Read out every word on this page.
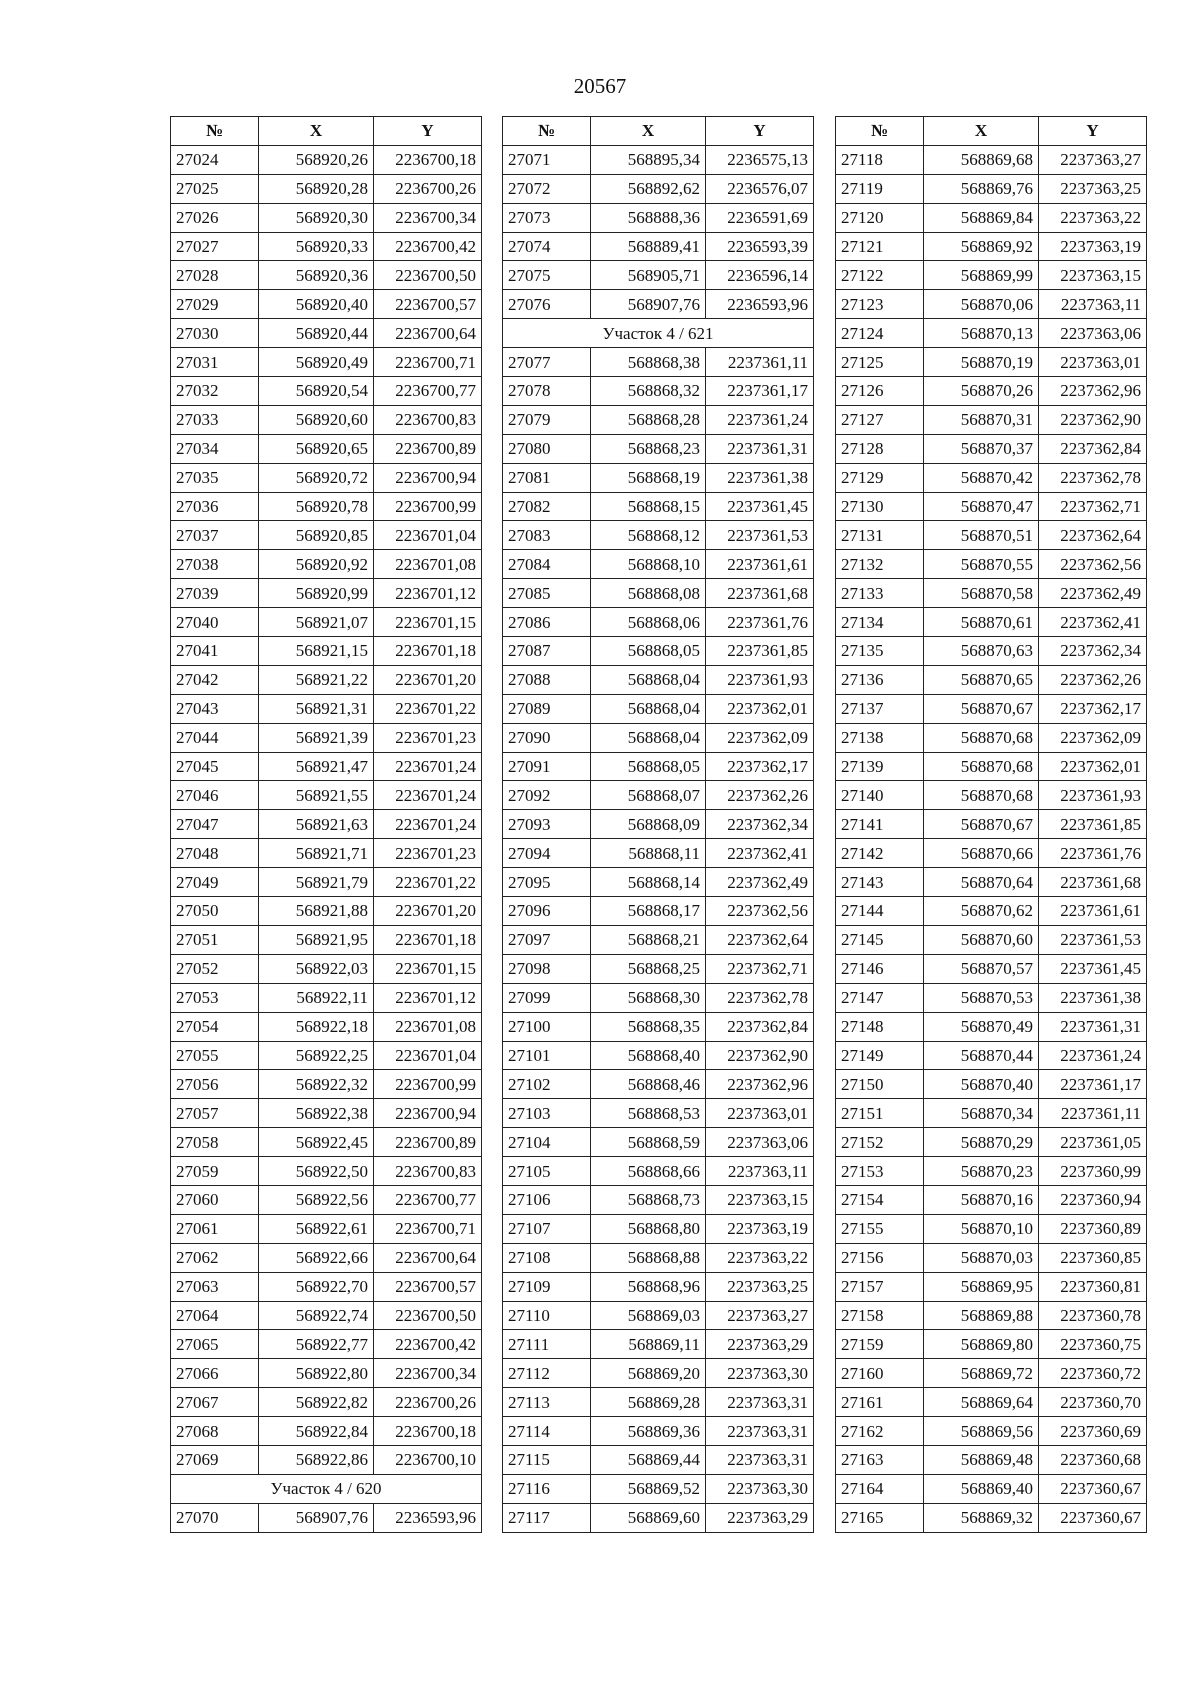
20567
№	X	Y
27024	568920,26	2236700,18
27025	568920,28	2236700,26
27026	568920,30	2236700,34
27027	568920,33	2236700,42
27028	568920,36	2236700,50
27029	568920,40	2236700,57
27030	568920,44	2236700,64
27031	568920,49	2236700,71
27032	568920,54	2236700,77
27033	568920,60	2236700,83
27034	568920,65	2236700,89
27035	568920,72	2236700,94
27036	568920,78	2236700,99
27037	568920,85	2236701,04
27038	568920,92	2236701,08
27039	568920,99	2236701,12
27040	568921,07	2236701,15
27041	568921,15	2236701,18
27042	568921,22	2236701,20
27043	568921,31	2236701,22
27044	568921,39	2236701,23
27045	568921,47	2236701,24
27046	568921,55	2236701,24
27047	568921,63	2236701,24
27048	568921,71	2236701,23
27049	568921,79	2236701,22
27050	568921,88	2236701,20
27051	568921,95	2236701,18
27052	568922,03	2236701,15
27053	568922,11	2236701,12
27054	568922,18	2236701,08
27055	568922,25	2236701,04
27056	568922,32	2236700,99
27057	568922,38	2236700,94
27058	568922,45	2236700,89
27059	568922,50	2236700,83
27060	568922,56	2236700,77
27061	568922,61	2236700,71
27062	568922,66	2236700,64
27063	568922,70	2236700,57
27064	568922,74	2236700,50
27065	568922,77	2236700,42
27066	568922,80	2236700,34
27067	568922,82	2236700,26
27068	568922,84	2236700,18
27069	568922,86	2236700,10
Участок 4 / 620		
27070	568907,76	2236593,96
№	X	Y
27071	568895,34	2236575,13
27072	568892,62	2236576,07
27073	568888,36	2236591,69
27074	568889,41	2236593,39
27075	568905,71	2236596,14
27076	568907,76	2236593,96
Участок 4 / 621		
27077	568868,38	2237361,11
27078	568868,32	2237361,17
27079	568868,28	2237361,24
27080	568868,23	2237361,31
27081	568868,19	2237361,38
27082	568868,15	2237361,45
27083	568868,12	2237361,53
27084	568868,10	2237361,61
27085	568868,08	2237361,68
27086	568868,06	2237361,76
27087	568868,05	2237361,85
27088	568868,04	2237361,93
27089	568868,04	2237362,01
27090	568868,04	2237362,09
27091	568868,05	2237362,17
27092	568868,07	2237362,26
27093	568868,09	2237362,34
27094	568868,11	2237362,41
27095	568868,14	2237362,49
27096	568868,17	2237362,56
27097	568868,21	2237362,64
27098	568868,25	2237362,71
27099	568868,30	2237362,78
27100	568868,35	2237362,84
27101	568868,40	2237362,90
27102	568868,46	2237362,96
27103	568868,53	2237363,01
27104	568868,59	2237363,06
27105	568868,66	2237363,11
27106	568868,73	2237363,15
27107	568868,80	2237363,19
27108	568868,88	2237363,22
27109	568868,96	2237363,25
27110	568869,03	2237363,27
27111	568869,11	2237363,29
27112	568869,20	2237363,30
27113	568869,28	2237363,31
27114	568869,36	2237363,31
27115	568869,44	2237363,31
27116	568869,52	2237363,30
27117	568869,60	2237363,29
№	X	Y
27118	568869,68	2237363,27
27119	568869,76	2237363,25
27120	568869,84	2237363,22
27121	568869,92	2237363,19
27122	568869,99	2237363,15
27123	568870,06	2237363,11
27124	568870,13	2237363,06
27125	568870,19	2237363,01
27126	568870,26	2237362,96
27127	568870,31	2237362,90
27128	568870,37	2237362,84
27129	568870,42	2237362,78
27130	568870,47	2237362,71
27131	568870,51	2237362,64
27132	568870,55	2237362,56
27133	568870,58	2237362,49
27134	568870,61	2237362,41
27135	568870,63	2237362,34
27136	568870,65	2237362,26
27137	568870,67	2237362,17
27138	568870,68	2237362,09
27139	568870,68	2237362,01
27140	568870,68	2237361,93
27141	568870,67	2237361,85
27142	568870,66	2237361,76
27143	568870,64	2237361,68
27144	568870,62	2237361,61
27145	568870,60	2237361,53
27146	568870,57	2237361,45
27147	568870,53	2237361,38
27148	568870,49	2237361,31
27149	568870,44	2237361,24
27150	568870,40	2237361,17
27151	568870,34	2237361,11
27152	568870,29	2237361,05
27153	568870,23	2237360,99
27154	568870,16	2237360,94
27155	568870,10	2237360,89
27156	568870,03	2237360,85
27157	568869,95	2237360,81
27158	568869,88	2237360,78
27159	568869,80	2237360,75
27160	568869,72	2237360,72
27161	568869,64	2237360,70
27162	568869,56	2237360,69
27163	568869,48	2237360,68
27164	568869,40	2237360,67
27165	568869,32	2237360,67
